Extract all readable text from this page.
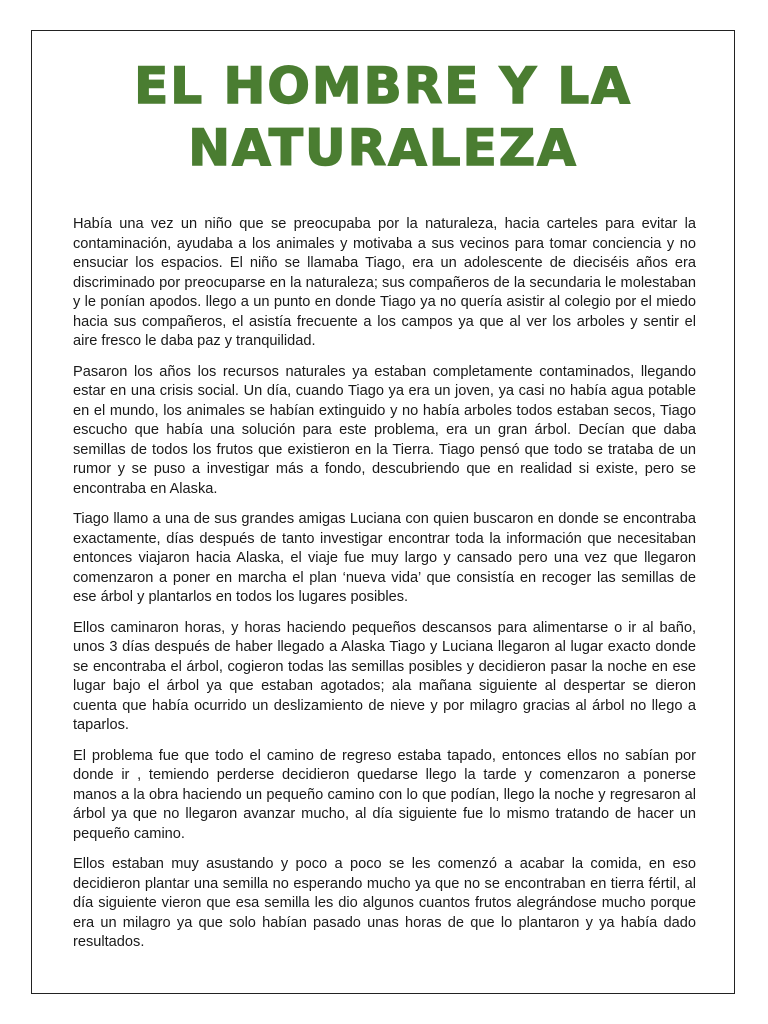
EL HOMBRE Y LA
NATURALEZA

Había una vez un niño que se preocupaba por la naturaleza, hacia carteles para evitar la contaminación, ayudaba a los animales y motivaba a sus vecinos para tomar conciencia y no ensuciar los espacios. El niño se llamaba Tiago, era un adolescente de dieciséis años era discriminado por preocuparse en la naturaleza; sus compañeros de la secundaria le molestaban y le ponían apodos. llego a un punto en donde Tiago ya no quería asistir al colegio por el miedo hacia sus compañeros, el asistía frecuente a los campos ya que al ver los arboles y sentir el aire fresco le daba paz y tranquilidad.

Pasaron los años los recursos naturales ya estaban completamente contaminados, llegando estar en una crisis social. Un día, cuando Tiago ya era un joven, ya casi no había agua potable en el mundo, los animales se habían extinguido y no había arboles todos estaban secos, Tiago escucho que había una solución para este problema, era un gran árbol. Decían que daba semillas de todos los frutos que existieron en la Tierra. Tiago pensó que todo se trataba de un rumor y se puso a investigar más a fondo, descubriendo que en realidad si existe, pero se encontraba en Alaska.

Tiago llamo a una de sus grandes amigas Luciana con quien buscaron en donde se encontraba exactamente, días después de tanto investigar encontrar toda la información que necesitaban entonces viajaron hacia Alaska, el viaje fue muy largo y cansado pero una vez que llegaron comenzaron a poner en marcha el plan ‘nueva vida’ que consistía en recoger las semillas de ese árbol y plantarlos en todos los lugares posibles.

Ellos caminaron horas, y horas haciendo pequeños descansos para alimentarse o ir al baño, unos 3 días después de haber llegado a Alaska Tiago y Luciana llegaron al lugar exacto donde se encontraba el árbol, cogieron todas las semillas posibles y decidieron pasar la noche en ese lugar bajo el árbol ya que estaban agotados; ala mañana siguiente al despertar se dieron cuenta que había ocurrido un deslizamiento de nieve y por milagro gracias al árbol no llego a taparlos.

El problema fue que todo el camino de regreso estaba tapado, entonces ellos no sabían por donde ir , temiendo perderse decidieron quedarse llego la tarde y comenzaron a ponerse manos a la obra haciendo un pequeño camino con lo que podían, llego la noche y regresaron al árbol ya que no llegaron avanzar mucho, al día siguiente fue lo mismo tratando de hacer un pequeño camino.

Ellos estaban muy asustando y poco a poco se les comenzó a acabar la comida, en eso decidieron plantar una semilla no esperando mucho ya que no se encontraban en tierra fértil, al día siguiente vieron que esa semilla les dio algunos cuantos frutos alegrándose mucho porque era un milagro ya que solo habían pasado unas horas de que lo plantaron y ya había dado resultados.
